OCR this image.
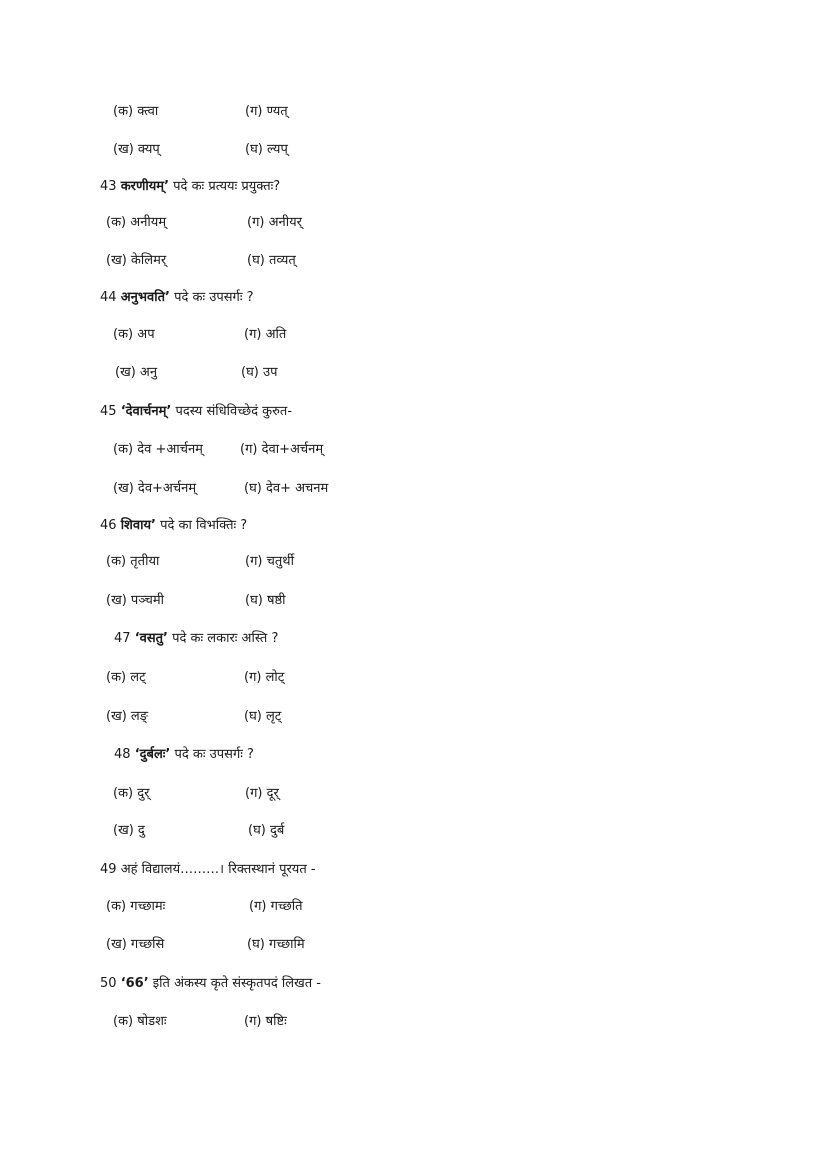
(क) क्त्वा	(ग) ण्यत्
(ख) क्यप्	(घ) ल्यप्
43 करणीयम्’ पदे कः प्रत्ययः प्रयुक्तः?
(क) अनीयम्	(ग) अनीयर्
(ख) केलिमर्	(घ) तव्यत्
44 अनुभवति’ पदे कः उपसर्गः ?
(क) अप	(ग) अति
(ख) अनु	(घ) उप
45 ‘देवार्चनम्’ पदस्य संधिविच्छेदं कुरुत-
(क) देव +आर्चनम्	(ग) देवा+अर्चनम्
(ख) देव+अर्चनम्	(घ) देव+ अचनम
46 शिवाय’ पदे का विभक्तिः ?
(क) तृतीया	(ग) चतुर्थी
(ख) पञ्चमी	(घ) षष्ठी
47 ‘वसतु’ पदे कः लकारः अस्ति ?
(क) लट्	(ग) लोट्
(ख) लङ्	(घ) लृट्
48 ‘दुर्बलः’ पदे कः उपसर्गः ?
(क) दुर्	(ग) दूर्
(ख) दु	(घ) दुर्ब
49 अहं विद्यालयं………। रिक्तस्थानं पूरयत -
(क) गच्छामः	(ग) गच्छति
(ख) गच्छसि	(घ) गच्छामि
50 ‘66’ इति अंकस्य कृते संस्कृतपदं लिखत -
(क) षोडशः	(ग) षष्टिः
